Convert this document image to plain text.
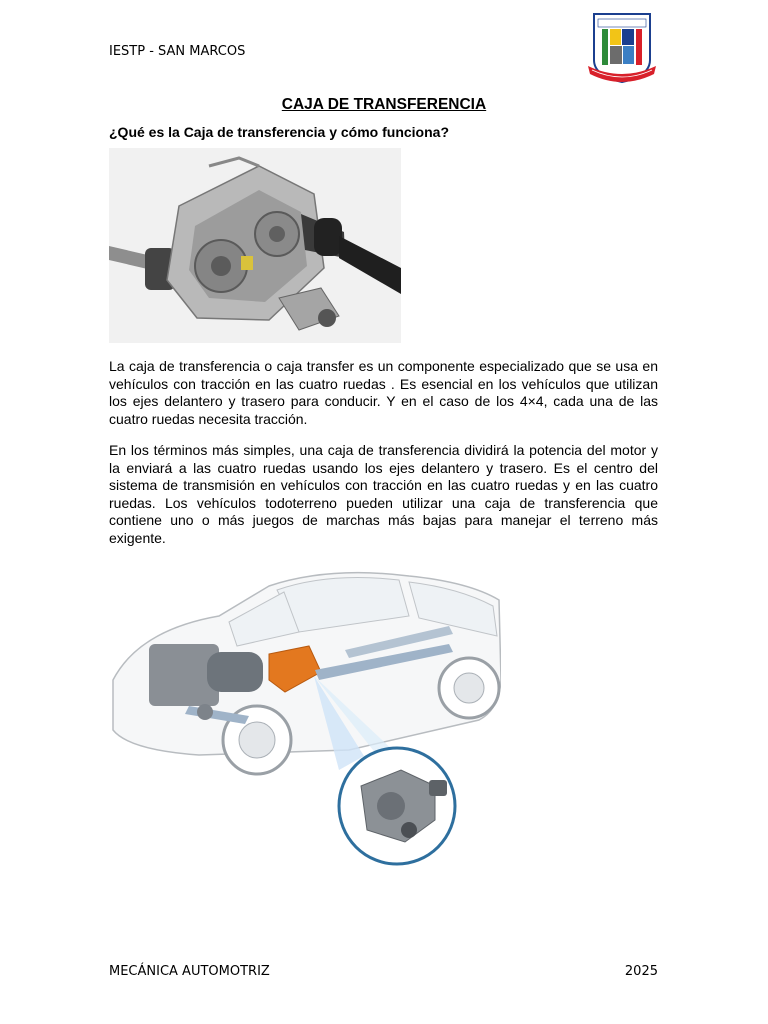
IESTP - SAN MARCOS
CAJA DE TRANSFERENCIA
¿Qué es la Caja de transferencia y cómo funciona?
La caja de transferencia o caja transfer es un componente especializado que se usa en vehículos con tracción en las cuatro ruedas . Es esencial en los vehículos que utilizan los ejes delantero y trasero para conducir. Y en el caso de los 4×4, cada una de las cuatro ruedas necesita tracción.
En los términos más simples, una caja de transferencia dividirá la potencia del motor y la enviará a las cuatro ruedas usando los ejes delantero y trasero. Es el centro del sistema de transmisión en vehículos con tracción en las cuatro ruedas y en las cuatro ruedas. Los vehículos todoterreno pueden utilizar una caja de transferencia que contiene uno o más juegos de marchas más bajas para manejar el terreno más exigente.
MECÁNICA AUTOMOTRIZ	2025
